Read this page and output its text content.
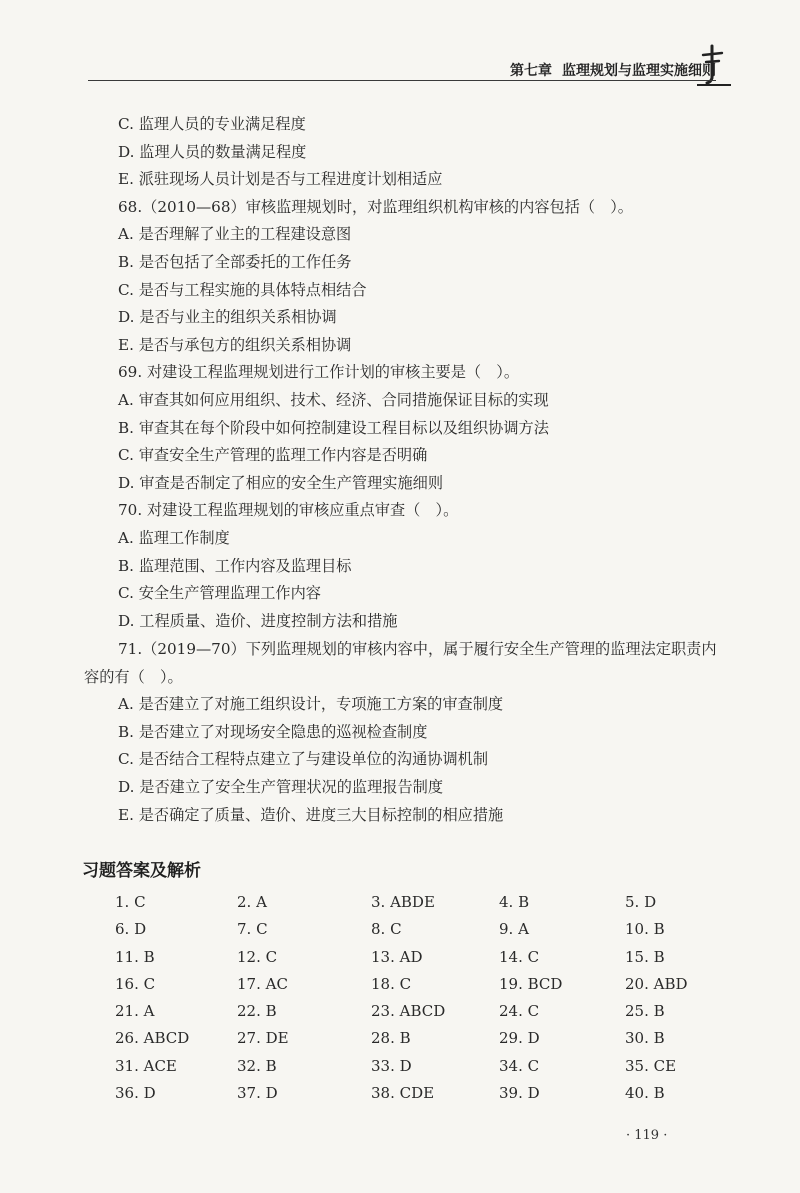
第七章 监理规划与监理实施细则
C. 监理人员的专业满足程度
D. 监理人员的数量满足程度
E. 派驻现场人员计划是否与工程进度计划相适应
68.（2010—68）审核监理规划时，对监理组织机构审核的内容包括（　）。
A. 是否理解了业主的工程建设意图
B. 是否包括了全部委托的工作任务
C. 是否与工程实施的具体特点相结合
D. 是否与业主的组织关系相协调
E. 是否与承包方的组织关系相协调
69. 对建设工程监理规划进行工作计划的审核主要是（　）。
A. 审查其如何应用组织、技术、经济、合同措施保证目标的实现
B. 审查其在每个阶段中如何控制建设工程目标以及组织协调方法
C. 审查安全生产管理的监理工作内容是否明确
D. 审查是否制定了相应的安全生产管理实施细则
70. 对建设工程监理规划的审核应重点审查（　）。
A. 监理工作制度
B. 监理范围、工作内容及监理目标
C. 安全生产管理监理工作内容
D. 工程质量、造价、进度控制方法和措施
71.（2019—70）下列监理规划的审核内容中，属于履行安全生产管理的监理法定职责内容的有（　）。
A. 是否建立了对施工组织设计，专项施工方案的审查制度
B. 是否建立了对现场安全隐患的巡视检查制度
C. 是否结合工程特点建立了与建设单位的沟通协调机制
D. 是否建立了安全生产管理状况的监理报告制度
E. 是否确定了质量、造价、进度三大目标控制的相应措施
习题答案及解析
1. C	2. A	3. ABDE	4. B	5. D
6. D	7. C	8. C	9. A	10. B
11. B	12. C	13. AD	14. C	15. B
16. C	17. AC	18. C	19. BCD	20. ABD
21. A	22. B	23. ABCD	24. C	25. B
26. ABCD	27. DE	28. B	29. D	30. B
31. ACE	32. B	33. D	34. C	35. CE
36. D	37. D	38. CDE	39. D	40. B
· 119 ·
